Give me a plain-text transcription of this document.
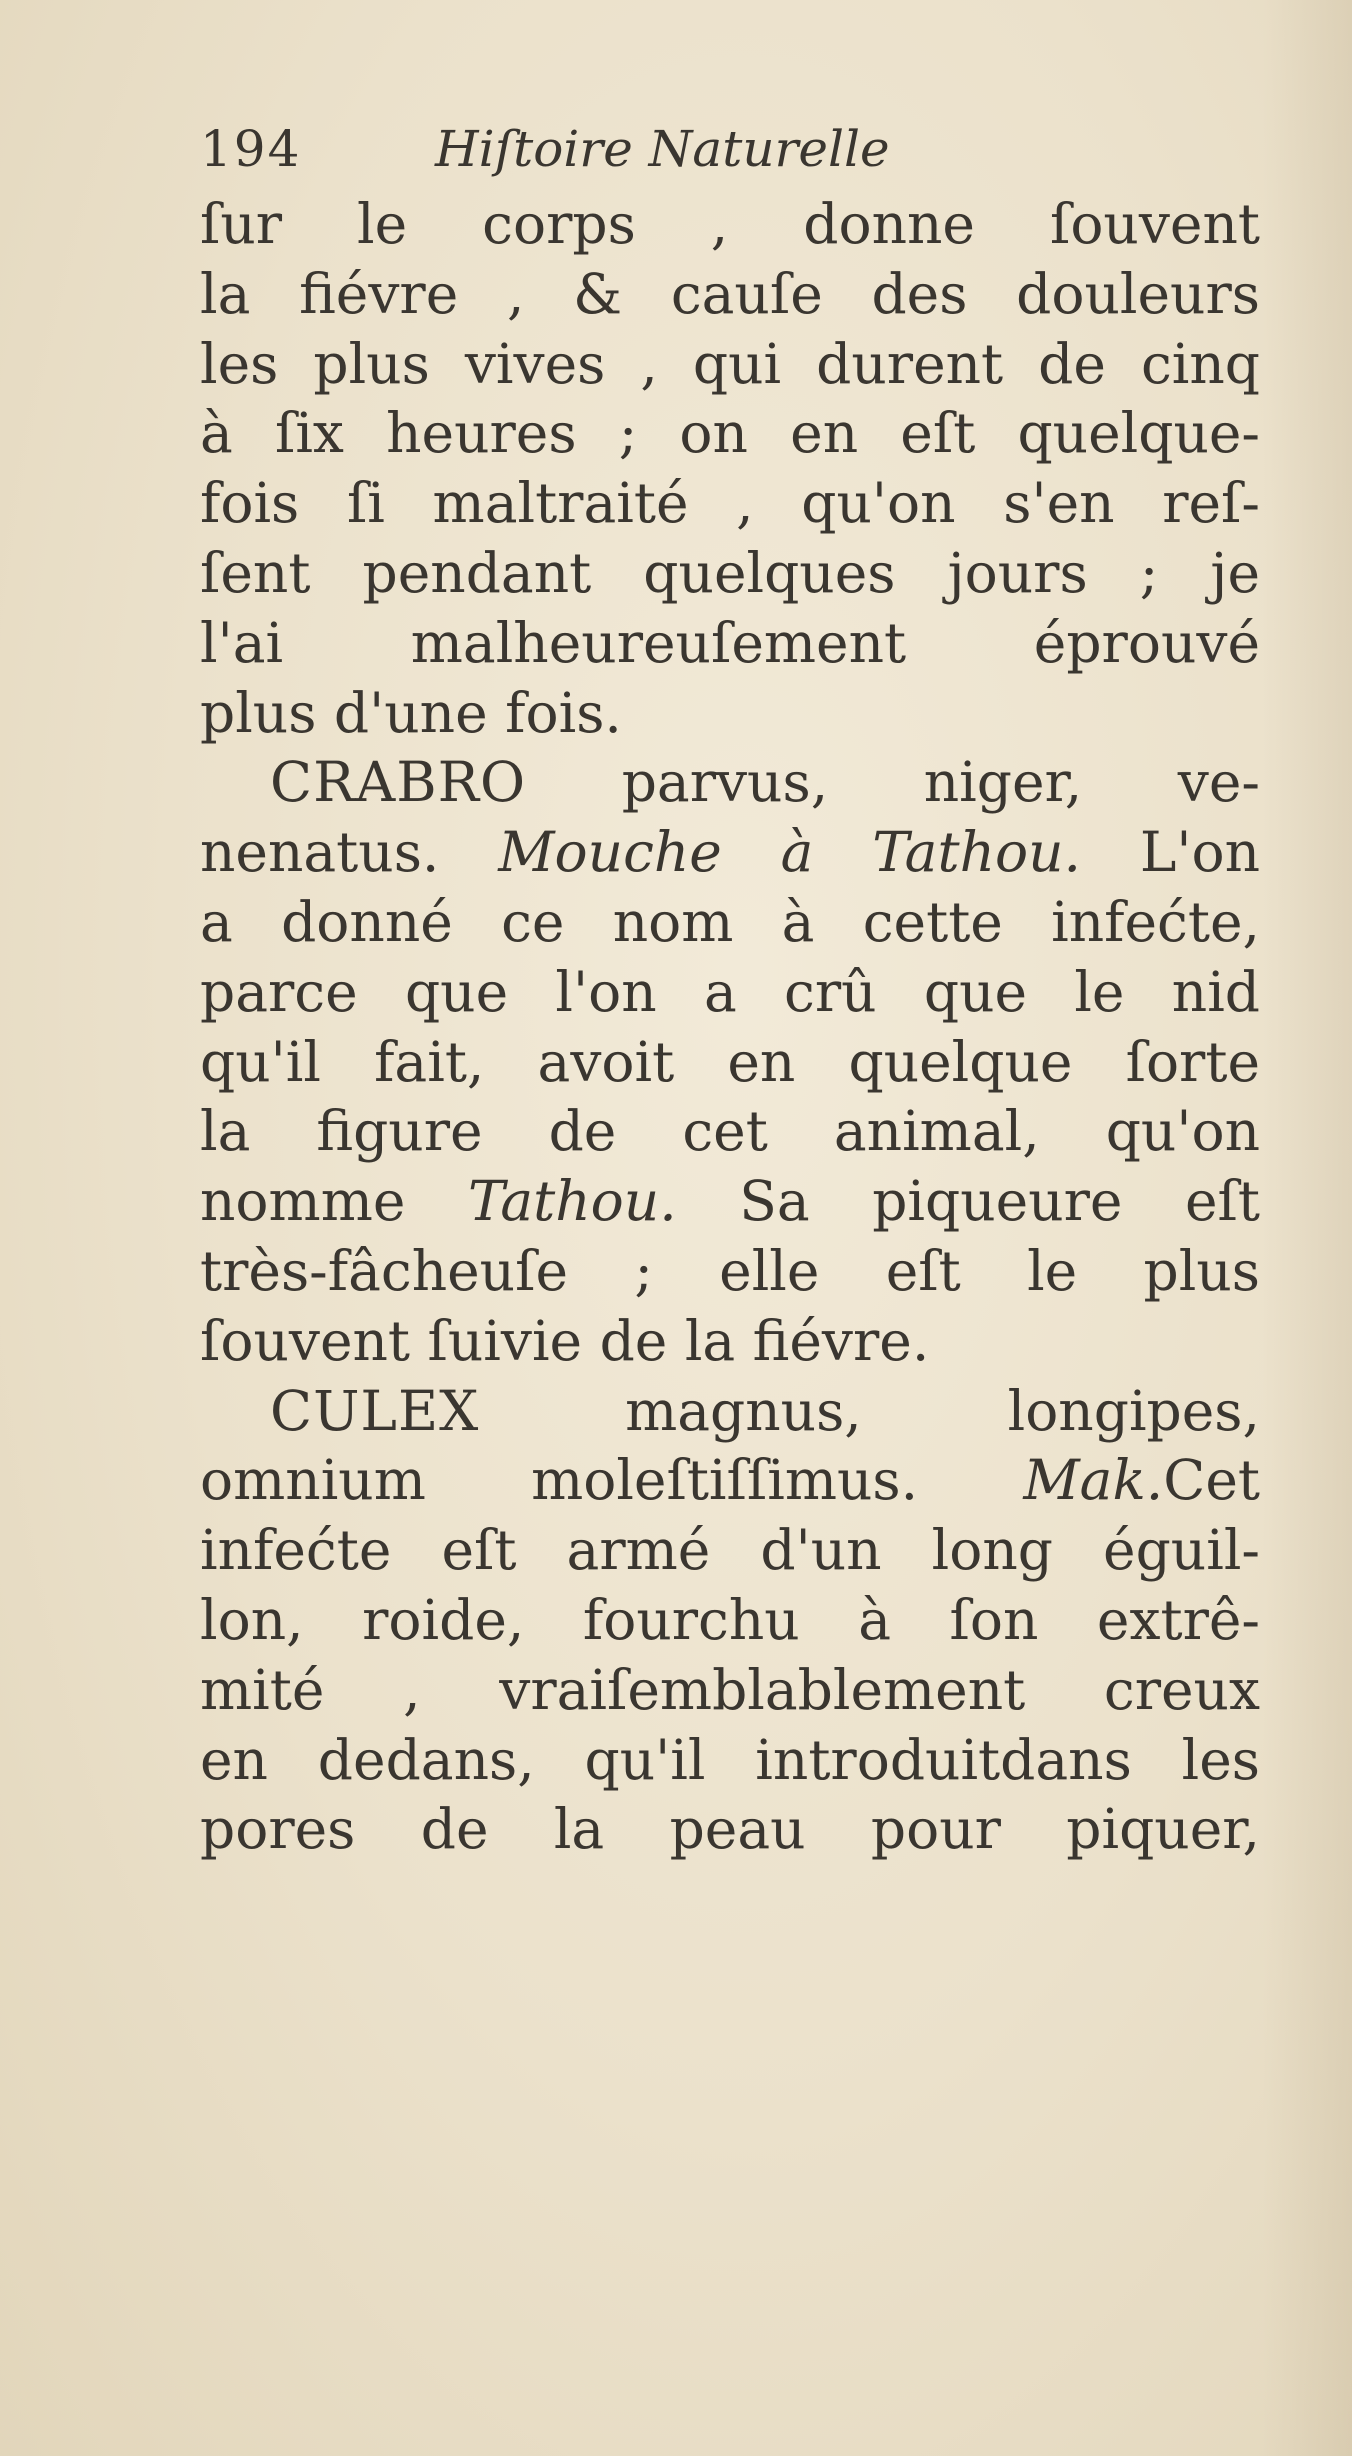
194	Hiſtoire Naturelle
ſur le corps , donne ſouvent
la fiévre , & cauſe des douleurs
les plus vives , qui durent de cinq
à ſix heures ; on en eſt quelque-
fois ſi maltraité , qu'on s'en reſ-
ſent pendant quelques jours ; je
l'ai malheureuſement éprouvé
plus d'une fois.
CRABRO parvus, niger, ve-
nenatus. Mouche à Tathou. L'on
a donné ce nom à cette infećte,
parce que l'on a crû que le nid
qu'il fait, avoit en quelque ſorte
la figure de cet animal, qu'on
nomme Tathou. Sa piqueure eſt
très-fâcheuſe ; elle eſt le plus
ſouvent ſuivie de la fiévre.
CULEX magnus, longipes,
omnium moleſtiſſimus. Mak.Cet
infećte eſt armé d'un long éguil-
lon, roide, fourchu à ſon extrê-
mité , vraiſemblablement creux
en dedans, qu'il introduitdans les
pores de la peau pour piquer,
